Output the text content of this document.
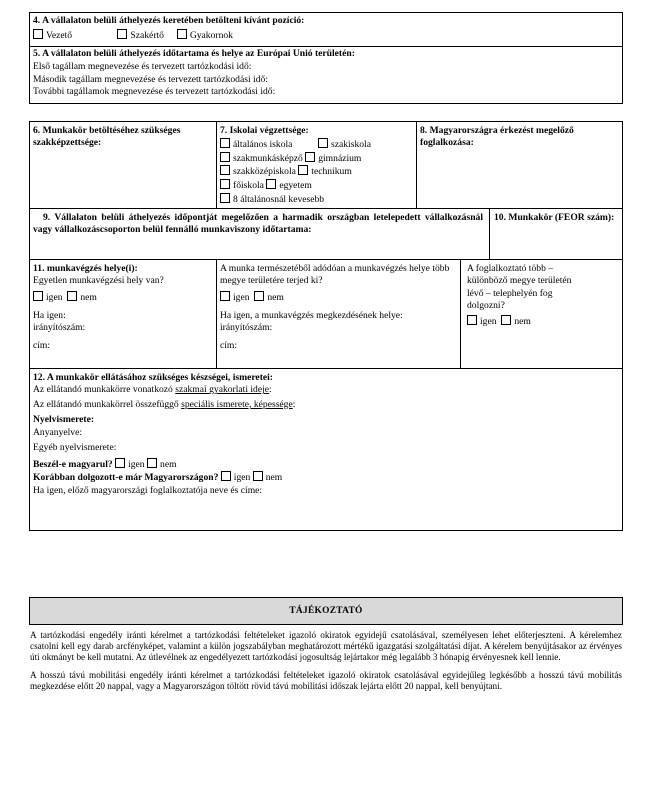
4. A vállalaton belüli áthelyezés keretében betölteni kívánt pozíció:
Vezető	Szakértő	Gyakornok
5. A vállalaton belüli áthelyezés időtartama és helye az Európai Unió területén:
Első tagállam megnevezése és tervezett tartózkodási idő:
Második tagállam megnevezése és tervezett tartózkodási idő:
További tagállamok megnevezése és tervezett tartózkodási idő:
6. Munkakör betöltéséhez szükséges szakképzettsége:
7. Iskolai végzettsége:
általános iskola	szakiskola
szakmunkásképző gimnázium
szakközépiskola technikum
főiskola egyetem
8 általánosnál kevesebb
8. Magyarországra érkezést megelőző foglalkozása:
9. Vállalaton belüli áthelyezés időpontját megelőzően a harmadik országban letelepedett vállalkozásnál vagy vállalkozáscsoporton belül fennálló munkaviszony időtartama:
10. Munkakör (FEOR szám):
11. munkavégzés helye(i):
Egyetlen munkavégzési hely van?
igen nem
Ha igen:
irányítószám:
cím:
A munka természetéből adódóan a munkavégzés helye több megye területére terjed ki?
igen nem
Ha igen, a munkavégzés megkezdésének helye:
irányítószám:
cím:
A foglalkoztató több – különböző megye területén lévő – telephelyén fog dolgozni?
igen nem
12. A munkakör ellátásához szükséges készségei, ismeretei:
Az ellátandó munkakörre vonatkozó szakmai gyakorlati ideje:
Az ellátandó munkakörrel összefüggő speciális ismerete, képessége:
Nyelvismerete:
Anyanyelve:
Egyéb nyelvismerete:
Beszél-e magyarul? igen nem
Korábban dolgozott-e már Magyarországon? igen nem
Ha igen, előző magyarországi foglalkoztatója neve és címe:
TÁJÉKOZTATÓ

A tartózkodási engedély iránti kérelmet a tartózkodási feltételeket igazoló okiratok egyidejű csatolásával, személyesen lehet előterjeszteni. A kérelemhez csatolni kell egy darab arcfényképet, valamint a külön jogszabályban meghatározott mértékű igazgatási szolgáltatási díjat. A kérelem benyújtásakor az érvényes úti okmányt be kell mutatni. Az útlevélnek az engedélyezett tartózkodási jogosultság lejártakor még legalább 3 hónapig érvényesnek kell lennie.

A hosszú távú mobilitási engedély iránti kérelmet a tartózkodási feltételeket igazoló okiratok csatolásával egyidejűleg legkésőbb a hosszú távú mobilitás megkezdése előtt 20 nappal, vagy a Magyarországon töltött rövid távú mobilitási időszak lejárta előtt 20 nappal, kell benyújtani.
